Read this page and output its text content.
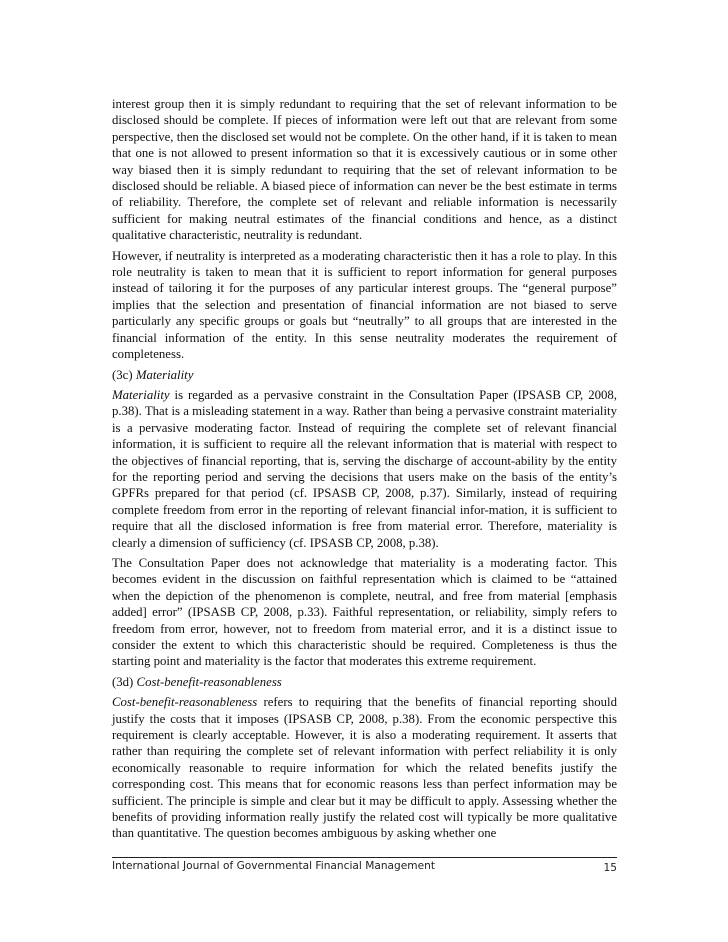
interest group then it is simply redundant to requiring that the set of relevant information to be disclosed should be complete. If pieces of information were left out that are relevant from some perspective, then the disclosed set would not be complete. On the other hand, if it is taken to mean that one is not allowed to present information so that it is excessively cautious or in some other way biased then it is simply redundant to requiring that the set of relevant information to be disclosed should be reliable. A biased piece of information can never be the best estimate in terms of reliability. Therefore, the complete set of relevant and reliable information is necessarily sufficient for making neutral estimates of the financial conditions and hence, as a distinct qualitative characteristic, neutrality is redundant.

However, if neutrality is interpreted as a moderating characteristic then it has a role to play. In this role neutrality is taken to mean that it is sufficient to report information for general purposes instead of tailoring it for the purposes of any particular interest groups. The “general purpose” implies that the selection and presentation of financial information are not biased to serve particularly any specific groups or goals but “neutrally” to all groups that are interested in the financial information of the entity. In this sense neutrality moderates the requirement of completeness.

(3c) Materiality

Materiality is regarded as a pervasive constraint in the Consultation Paper (IPSASB CP, 2008, p.38). That is a misleading statement in a way. Rather than being a pervasive constraint materiality is a pervasive moderating factor. Instead of requiring the complete set of relevant financial information, it is sufficient to require all the relevant information that is material with respect to the objectives of financial reporting, that is, serving the discharge of account-ability by the entity for the reporting period and serving the decisions that users make on the basis of the entity’s GPFRs prepared for that period (cf. IPSASB CP, 2008, p.37). Similarly, instead of requiring complete freedom from error in the reporting of relevant financial infor-mation, it is sufficient to require that all the disclosed information is free from material error. Therefore, materiality is clearly a dimension of sufficiency (cf. IPSASB CP, 2008, p.38).

The Consultation Paper does not acknowledge that materiality is a moderating factor. This becomes evident in the discussion on faithful representation which is claimed to be “attained when the depiction of the phenomenon is complete, neutral, and free from material [emphasis added] error” (IPSASB CP, 2008, p.33). Faithful representation, or reliability, simply refers to freedom from error, however, not to freedom from material error, and it is a distinct issue to consider the extent to which this characteristic should be required. Completeness is thus the starting point and materiality is the factor that moderates this extreme requirement.

(3d) Cost-benefit-reasonableness

Cost-benefit-reasonableness refers to requiring that the benefits of financial reporting should justify the costs that it imposes (IPSASB CP, 2008, p.38). From the economic perspective this requirement is clearly acceptable. However, it is also a moderating requirement. It asserts that rather than requiring the complete set of relevant information with perfect reliability it is only economically reasonable to require information for which the related benefits justify the corresponding cost. This means that for economic reasons less than perfect information may be sufficient. The principle is simple and clear but it may be difficult to apply. Assessing whether the benefits of providing information really justify the related cost will typically be more qualitative than quantitative. The question becomes ambiguous by asking whether one

International Journal of Governmental Financial Management	15
